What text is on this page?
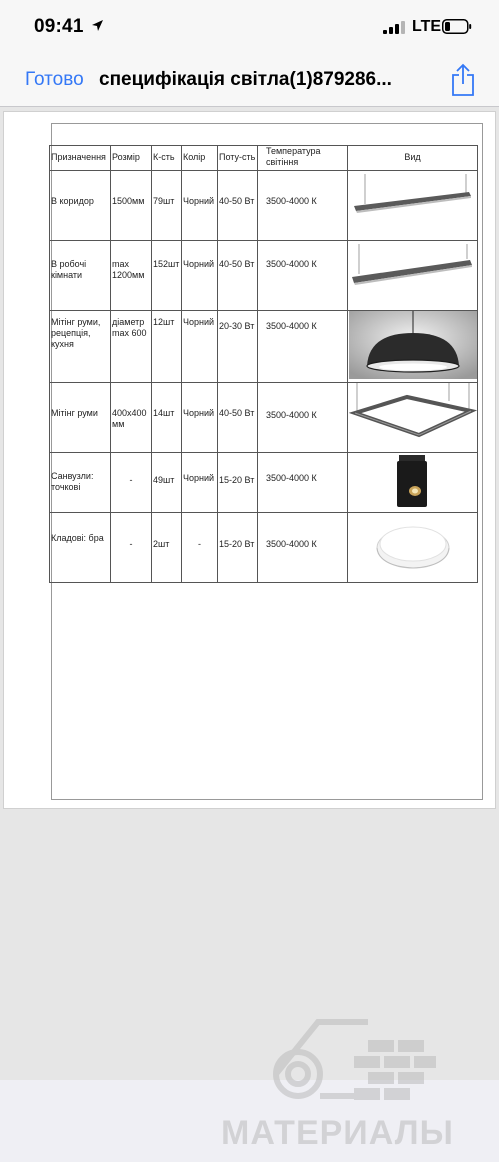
09:41	LTE
Готово специфікація світла(1)879286...
Призначення	Розмір	К-сть	Колір	Поту-сть	Температура світіння	Вид
В коридор	1500мм	79шт	Чорний	40-50 Вт	3500-4000 К	
В робочі кімнати	max 1200мм	152шт	Чорний	40-50 Вт	3500-4000 К	
Мітінг руми, рецепція, кухня	діаметр max 600	12шт	Чорний	20-30 Вт	3500-4000 К	
Мітінг руми	400х400 мм	14шт	Чорний	40-50 Вт	3500-4000 К	
Санвузли: точкові	-	49шт	Чорний	15-20 Вт	3500-4000 К	
Кладові: бра	-	2шт	-	15-20 Вт	3500-4000 К	
МАТЕРИАЛЫ
